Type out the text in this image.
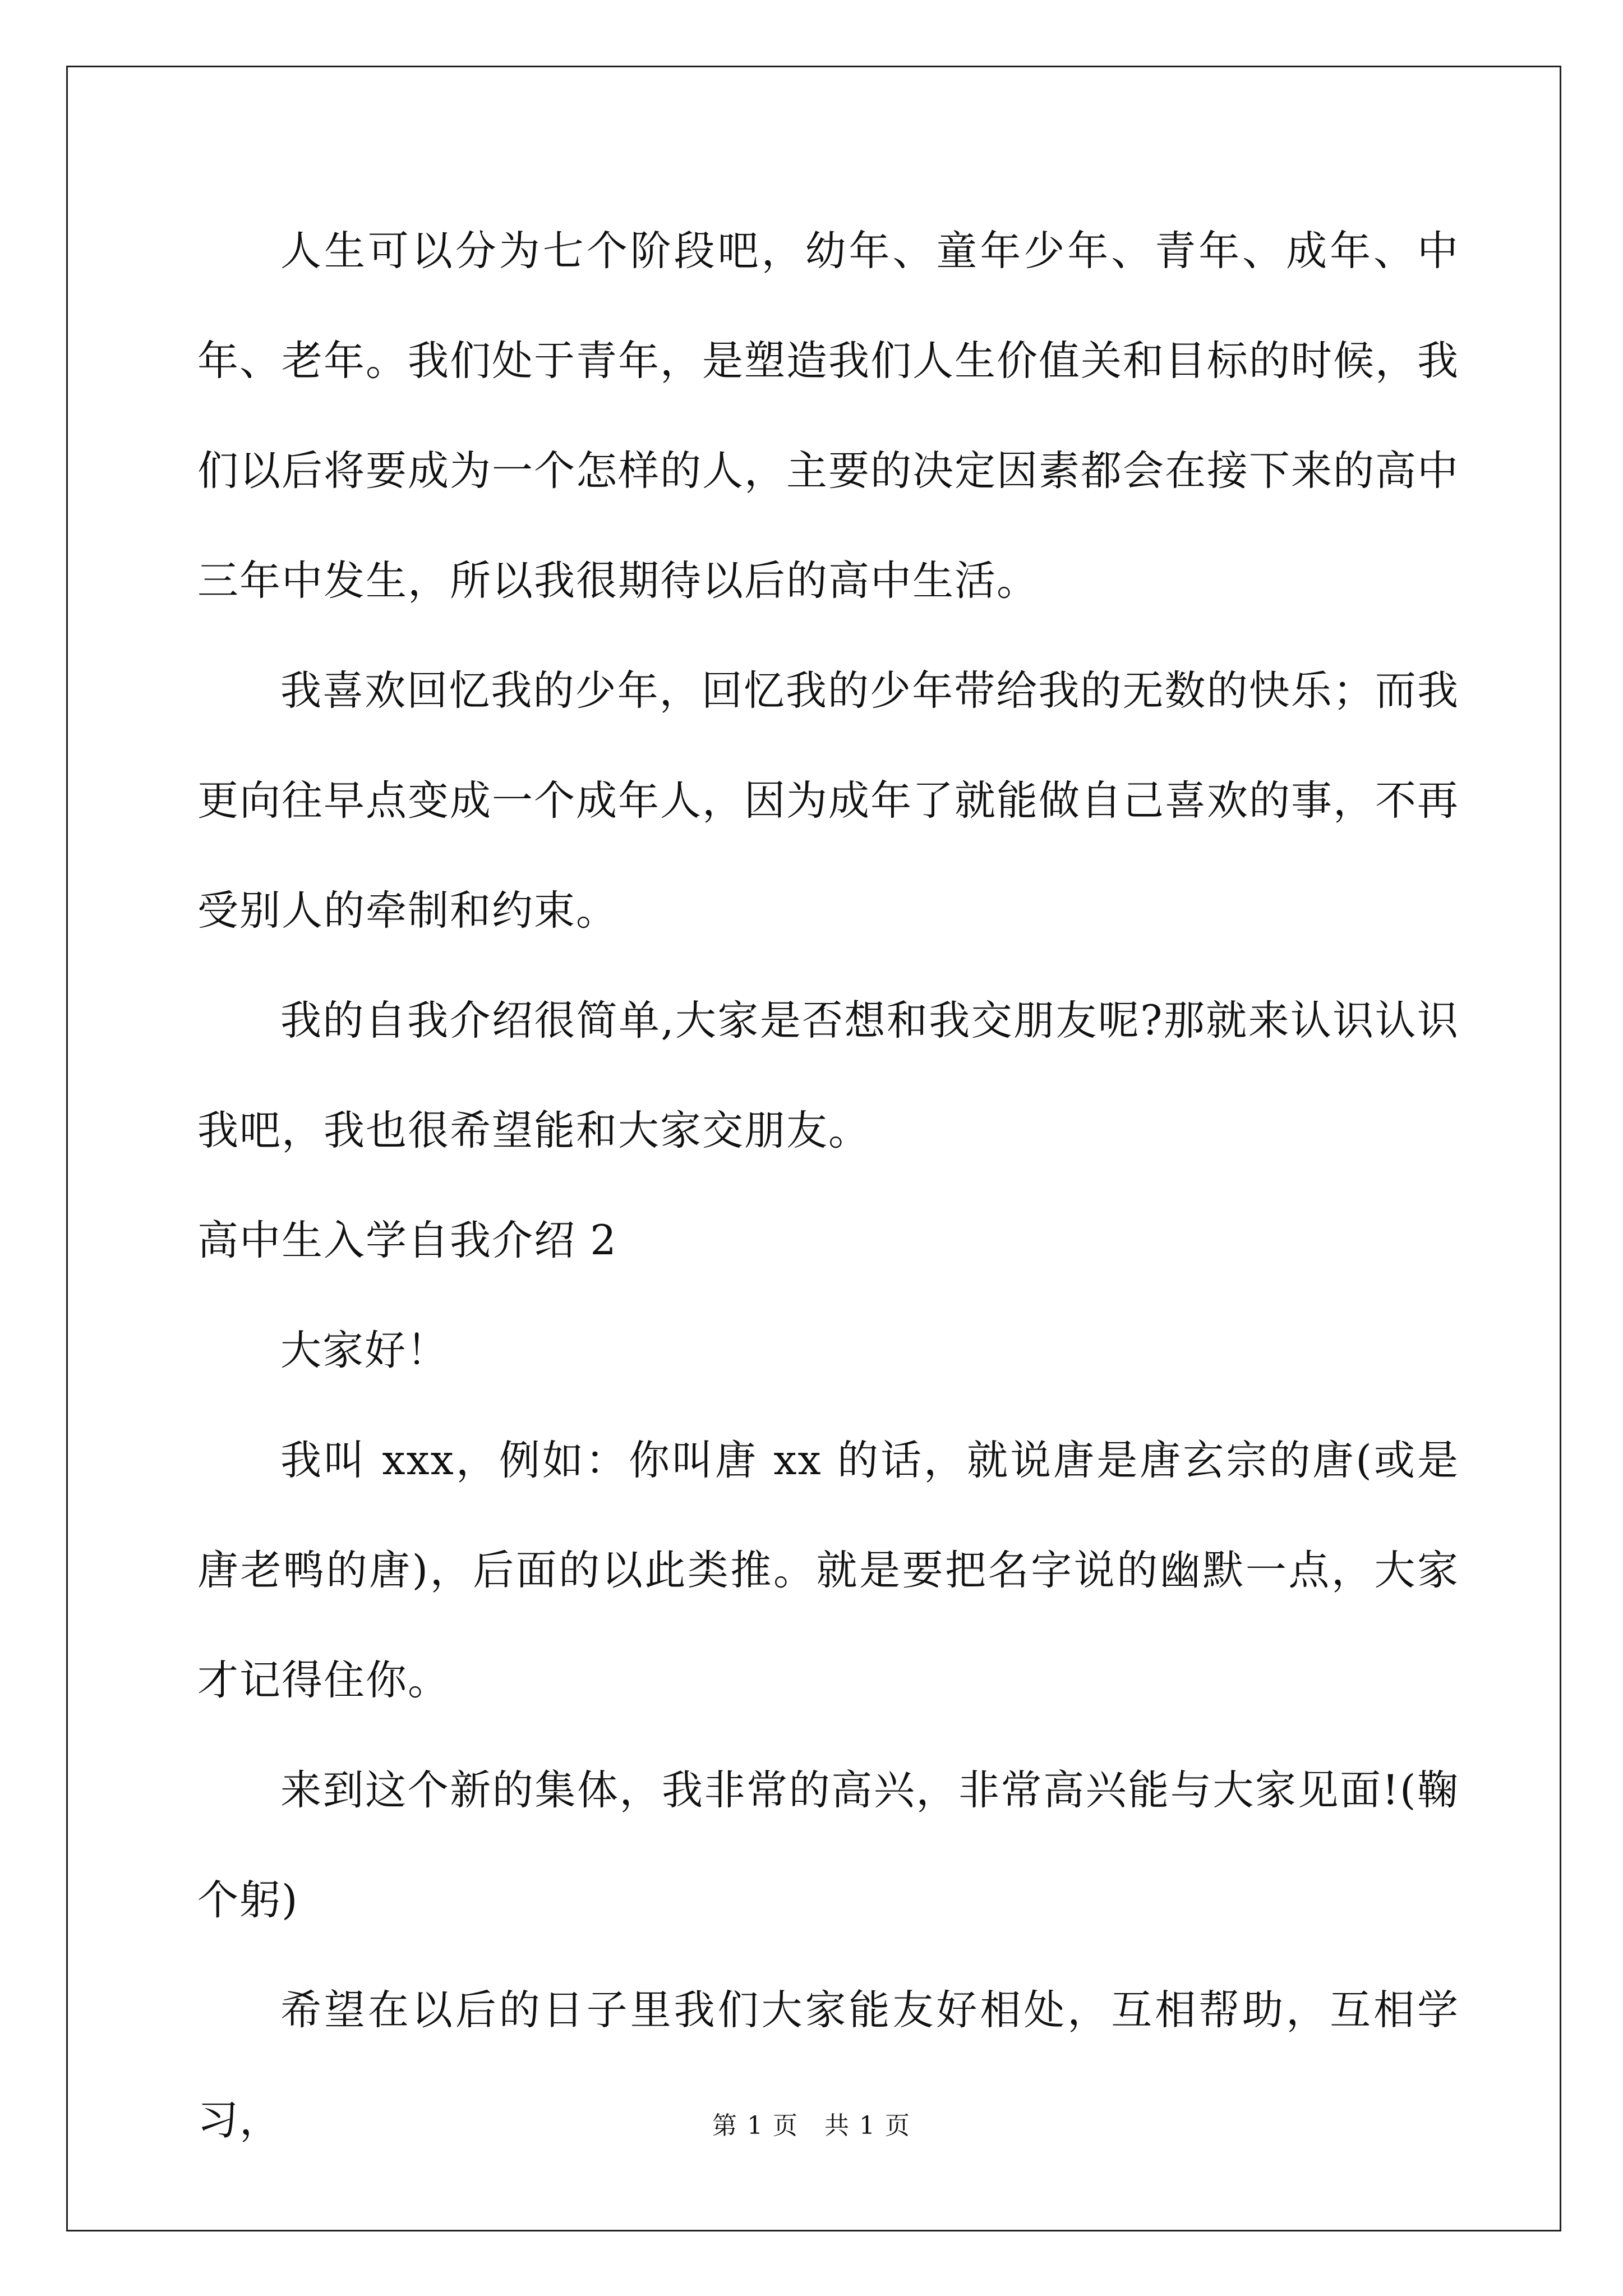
人生可以分为七个阶段吧，幼年、童年少年、青年、成年、中年、老年。我们处于青年，是塑造我们人生价值关和目标的时候，我们以后将要成为一个怎样的人，主要的决定因素都会在接下来的高中三年中发生，所以我很期待以后的高中生活。

我喜欢回忆我的少年，回忆我的少年带给我的无数的快乐；而我更向往早点变成一个成年人，因为成年了就能做自己喜欢的事，不再受别人的牵制和约束。

我的自我介绍很简单,大家是否想和我交朋友呢?那就来认识认识我吧，我也很希望能和大家交朋友。

高中生入学自我介绍 2

大家好！

我叫 xxx，例如：你叫唐 xx 的话，就说唐是唐玄宗的唐(或是唐老鸭的唐)，后面的以此类推。就是要把名字说的幽默一点，大家才记得住你。

来到这个新的集体，我非常的高兴，非常高兴能与大家见面!(鞠个躬)

希望在以后的日子里我们大家能友好相处，互相帮助，互相学习，	第 1 页　共 1 页
